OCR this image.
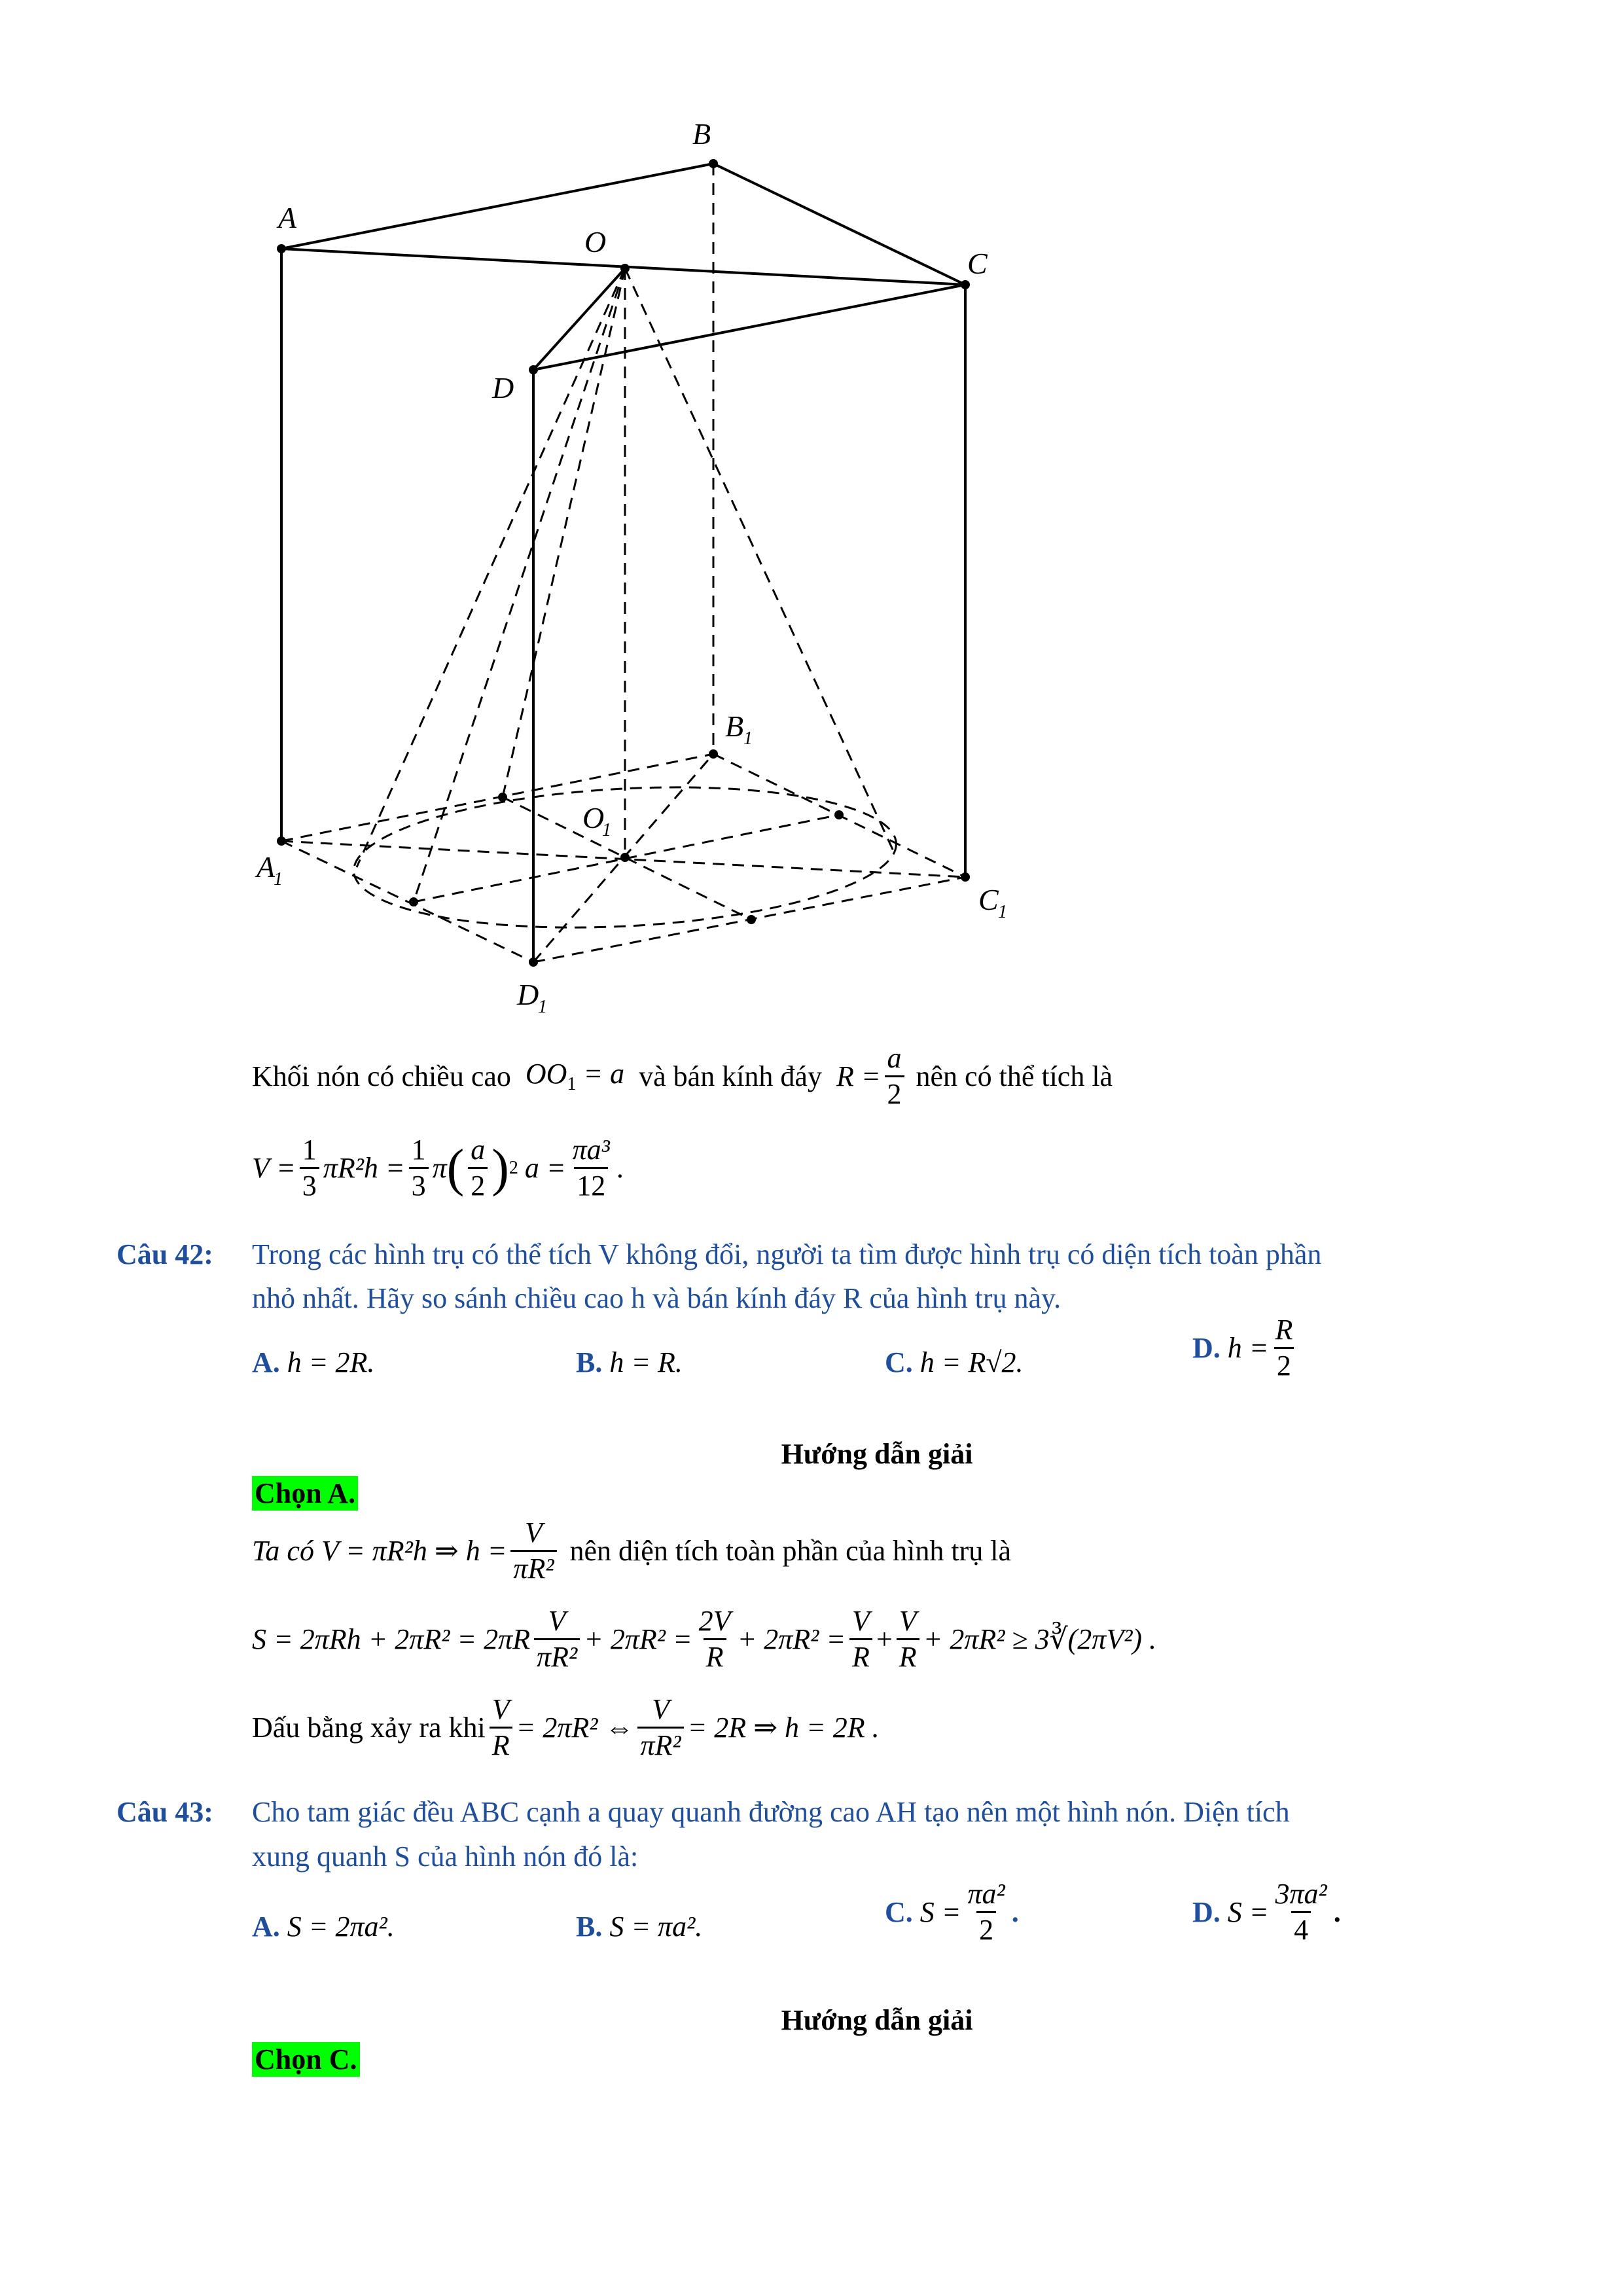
A
B
C
D
O
A
1
B 1
C 1
D
1
O
1
Khối nón có chiều cao $OO_1 = a$ và bán kính đáy $R = \frac{a}{2}$ nên có thể tích là
$V = \frac{1}{3} \pi R^2h = \frac{1}{3}$ π ( $\frac{a}{2}$ ) 2 $a = \frac{\text{πa³}}{12}$ .
Câu 42: Trong các hình trụ có thể tích V không đổi, người ta tìm được hình trụ có diện tích toàn phần
nhỏ nhất. Hãy so sánh chiều cao h và bán kính đáy R của hình trụ này.
A. h = 2R.	B. h = R.	C. h = R√2.	D.
$h = \frac{R}{2}$
Hướng dẫn giải
Chọn A.
Ta có V = πR²h ⇒ $h = \frac{V}{\text{πR²}}$ nên diện tích toàn phần của hình trụ là
$S = 2\pi Rh + 2\pi R^2 = 2\pi R \frac{V}{\text{πR²}} + 2\pi R^2 = \frac{2V}{R} + 2\pi R^2 = \frac{V}{R} + \frac{V}{R} + 2\pi R^2$ ≥ 3∛(2πV²) .
Dấu bằng xảy ra khi $\frac{V}{R} = 2\pi R^2$ ⇔ $\frac{V}{\text{πR²}} = 2R$ ⇒ h = 2R .
Câu 43: Cho tam giác đều ABC cạnh a quay quanh đường cao AH tạo nên một hình nón. Diện tích
xung quanh S của hình nón đó là:
A. S = 2πa².	B. S = πa².	C.
$S = \frac{\text{πa²}}{2}$ .	D.
$S = \frac{\text{3πa²}}{4}$ .
Hướng dẫn giải
Chọn C.
